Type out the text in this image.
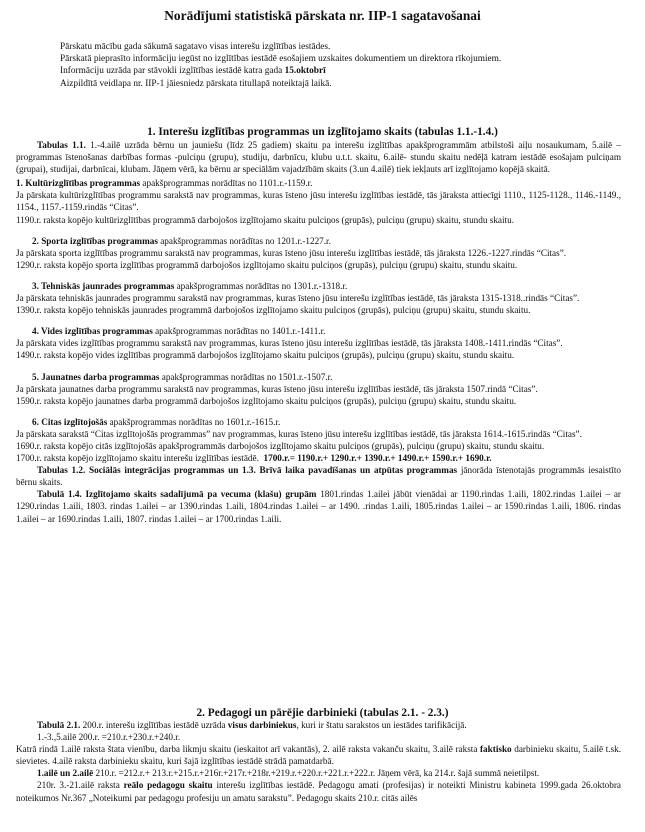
Norādījumi statistiskā pārskata nr. IIP-1 sagatavošanai

Pārskatu mācību gada sākumā sagatavo visas interešu izglītības iestādes.

Pārskatā pieprasīto informāciju iegūst no izglītības iestādē esošajiem uzskaites dokumentiem un direktora rīkojumiem.

Informāciju uzrāda par stāvokli izglītības iestādē katra gada 15.oktobrī

Aizpildītā veidlapa nr. IIP-1 jāiesniedz pārskata titullapā noteiktajā laikā.

1. Interešu izglītības programmas un izglītojamo skaits (tabulas 1.1.-1.4.)

Tabulas 1.1. 1.-4.ailē uzrāda bērnu un jauniešu (līdz 25 gadiem) skaitu pa interešu izglītības apakšprogrammām atbilstoši aiļu nosaukumam, 5.ailē –programmas īstenošanas darbības formas -pulciņu (grupu), studiju, darbnīcu, klubu u.t.t. skaitu, 6.ailē- stundu skaitu nedēļā katram iestādē esošajam pulciņam (grupai), studijai, darbnīcai, klubam. Jāņem vērā, ka bērnu ar speciālām vajadzībām skaits (3.un 4.ailē) tiek iekļauts arī izglītojamo kopējā skaitā.

1. Kultūrizglītības programmas apakšprogrammas norādītas no 1101.r.-1159.r.

Ja pārskata kultūrizglītības programmu sarakstā nav programmas, kuras īsteno jūsu interešu izglītības iestādē, tās jāraksta attiecīgi 1110., 1125-1128., 1146.-1149., 1154., 1157.-1159.rindās “Citas”.

1190.r. raksta kopējo kultūrizglītības programmā darbojošos izglītojamo skaitu pulciņos (grupās), pulciņu (grupu) skaitu, stundu skaitu.

2. Sporta izglītības programmas apakšprogrammas norādītas no 1201.r.-1227.r.

Ja pārskata sporta izglītības programmu sarakstā nav programmas, kuras īsteno jūsu interešu izglītības iestādē, tās jāraksta 1226.-1227.rindās “Citas”.

1290.r. raksta kopējo sporta izglītības programmā darbojošos izglītojamo skaitu pulciņos (grupās), pulciņu (grupu) skaitu, stundu skaitu.

3. Tehniskās jaunrades programmas apakšprogrammas norādītas no 1301.r.-1318.r.

Ja pārskata tehniskās jaunrades programmu sarakstā nav programmas, kuras īsteno jūsu interešu izglītības iestādē, tās jāraksta 1315-1318..rindās “Citas”.

1390.r. raksta kopējo tehniskās jaunrades programmā darbojošos izglītojamo skaitu pulciņos (grupās), pulciņu (grupu) skaitu, stundu skaitu.

4. Vides izglītības programmas apakšprogrammas norādītas no 1401.r.-1411.r.

Ja pārskata vides izglītības programmu sarakstā nav programmas, kuras īsteno jūsu interešu izglītības iestādē, tās jāraksta 1408.-1411.rindās “Citas”.

1490.r. raksta kopējo vides izglītības programmā darbojošos izglītojamo skaitu pulciņos (grupās), pulciņu (grupu) skaitu, stundu skaitu.

5. Jaunatnes darba programmas apakšprogrammas norādītas no 1501.r.-1507.r.

Ja pārskata jaunatnes darba programmu sarakstā nav programmas, kuras īsteno jūsu interešu izglītības iestādē, tās jāraksta 1507.rindā “Citas”.

1590.r. raksta kopējo jaunatnes darba programmā darbojošos izglītojamo skaitu pulciņos (grupās), pulciņu (grupu) skaitu, stundu skaitu.

6. Citas izglītojošās apakšprogrammas norādītas no 1601.r.-1615.r.

Ja pārskata sarakstā “Citas izglītojošās programmas” nav programmas, kuras īsteno jūsu interešu izglītības iestādē, tās jāraksta 1614.-1615.rindās “Citas”.

1690.r. raksta kopējo citās izglītojošās apakšprogrammās darbojošos izglītojamo skaitu pulciņos (grupās), pulciņu (grupu) skaitu, stundu skaitu.

1700.r. raksta kopējo izglītojamo skaitu interešu izglītības iestādē. 1700.r.= 1190.r.+ 1290.r.+ 1390.r.+ 1490.r.+ 1590.r.+ 1690.r.

Tabulas 1.2. Sociālās integrācijas programmas un 1.3. Brīvā laika pavadīšanas un atpūtas programmas jānorāda īstenotajās programmās iesaistīto bērnu skaits.

Tabulā 1.4. Izglītojamo skaits sadalījumā pa vecuma (klašu) grupām 1801.rindas 1.ailei jābūt vienādai ar 1190.rindas 1.aili, 1802.rindas 1.ailei – ar 1290.rindas 1.aili, 1803. rindas 1.ailei – ar 1390.rindas 1.aili, 1804.rindas 1.ailei – ar 1490. .rindas 1.aili, 1805.rindas 1.ailei – ar 1590.rindas 1.aili, 1806. rindas 1.ailei – ar 1690.rindas 1.aili, 1807. rindas 1.ailei – ar 1700.rindas 1.aili.

2. Pedagogi un pārējie darbinieki (tabulas 2.1. - 2.3.)

Tabulā 2.1. 200.r. interešu izglītības iestādē uzrāda visus darbiniekus, kuri ir štatu sarakstos un iestādes tarifikācijā.

1.-3.,5.ailē 200.r. =210.r.+230.r.+240.r.

Katrā rindā 1.ailē raksta štata vienību, darba likmju skaitu (ieskaitot arī vakantās), 2. ailē raksta vakanču skaitu, 3.ailē raksta faktisko darbinieku skaitu, 5.ailē t.sk. sievietes. 4.ailē raksta darbinieku skaitu, kuri šajā izglītības iestādē strādā pamatdarbā.

1.ailē un 2.ailē 210.r. =212.r.+ 213.r.+215.r.+216r.+217r.+218r.+219.r.+220.r.+221.r.+222.r. Jāņem vērā, ka 214.r. šajā summā neietilpst.

210r. 3.-21.ailē raksta reālo pedagogu skaitu interešu izglītības iestādē. Pedagogu amati (profesijas) ir noteikti Ministru kabineta 1999.gada 26.oktobra noteikumos Nr.367 „Noteikumi par pedagogu profesiju un amatu sarakstu”. Pedagogu skaits 210.r. citās ailēs
